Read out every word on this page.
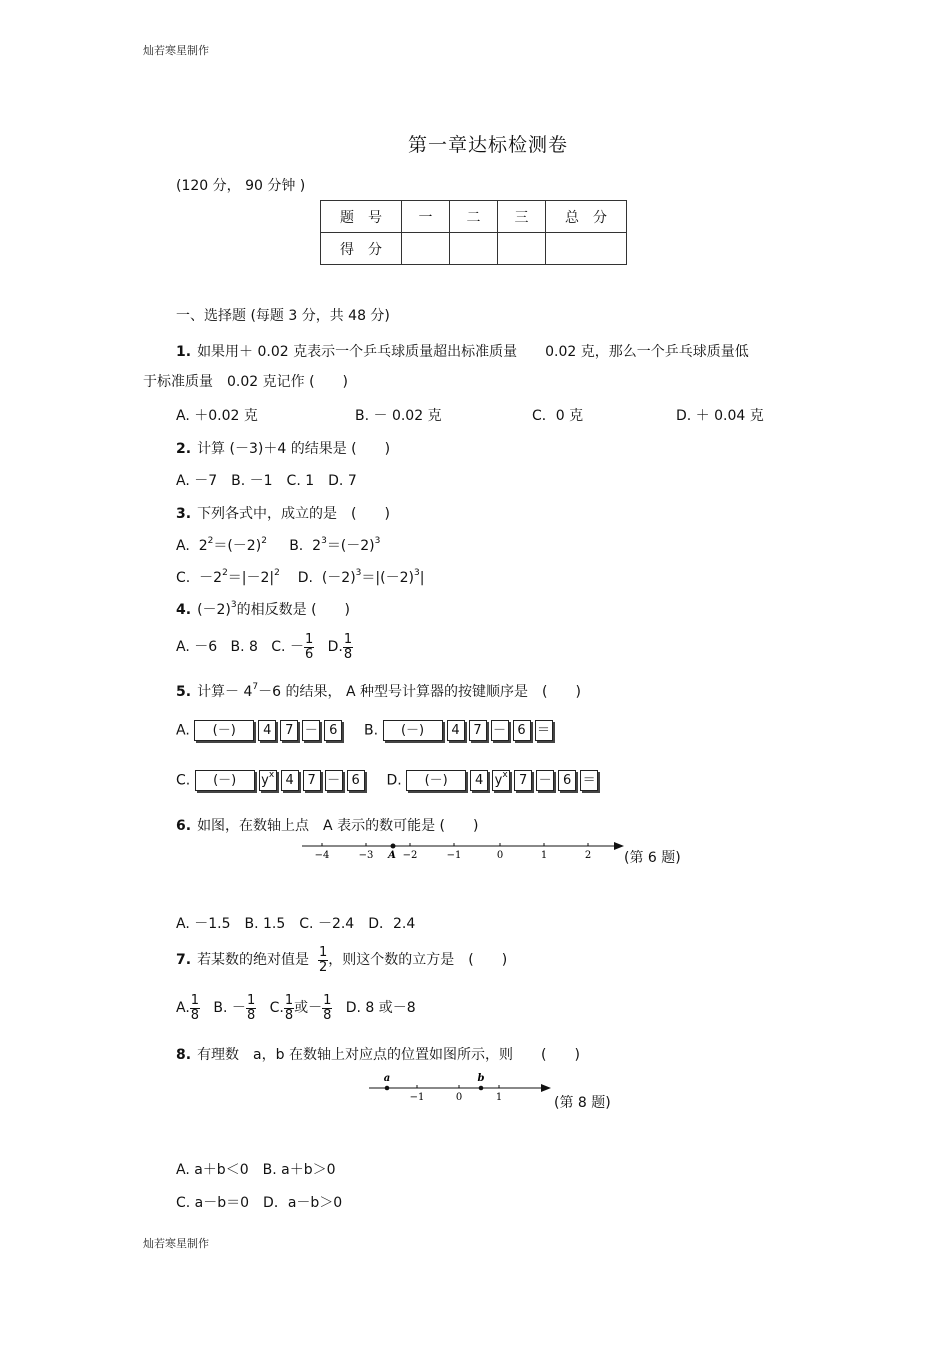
灿若寒星制作
灿若寒星制作
第一章达标检测卷
(120 分， 90 分钟 )
题　号	一	二	三	总　分
得　分				
一、选择题 (每题 3 分，共 48 分)
1. 如果用＋ 0.02 克表示一个乒乓球质量超出标准质量　　0.02 克，那么一个乒乓球质量低
于标准质量　0.02 克记作 (　　)
A. ＋0.02 克	B. － 0.02 克	C．0 克	D. ＋ 0.04 克
2. 计算 (－3)＋4 的结果是 (　　)
A. －7　B. －1　C. 1　D. 7
3. 下列各式中，成立的是　(　　)
A. $2^2=(-2)^2$ B. $2^3=(-2)^3$
C. $-2^2=|-2|^2$ D. $(-2)^3=|(-2)^3|$
4. $(-2)^3$的相反数是 (　　)
A. －6 B. 8 C. － $\frac{1}{6} D$. $\frac{1}{8}$
5. 计算－ $4^7-6$ 的结果， A 种型号计算器的按键顺序是　(　　)
A. (－) 4 7 － 6 B. (－) 4 7 － 6 ＝
C. (－) $y^x$ 4 7 － 6 D. (－) 4 $y^x$ 7 － 6 ＝
6. 如图，在数轴上点　A 表示的数可能是 (　　)
−4	−3	−2	−1	0	1	2
A	(第 6 题)
A. －1.5　B. 1.5　C. －2.4　D．2.4
7. 若某数的绝对值是 $\frac{1}{2}$ ，则这个数的立方是　(　　)
A. $\frac{1}{8} B$. － $\frac{1}{8} C$. $\frac{1}{8}$ 或－ $\frac{1}{8} D$. 8 或－8
8. 有理数　a，b 在数轴上对应点的位置如图所示，则　　(　　)
−1	0	1
a	b
(第 8 题)
A. a＋b＜0　B. a＋b＞0
C. a－b＝0　D．a－b＞0
